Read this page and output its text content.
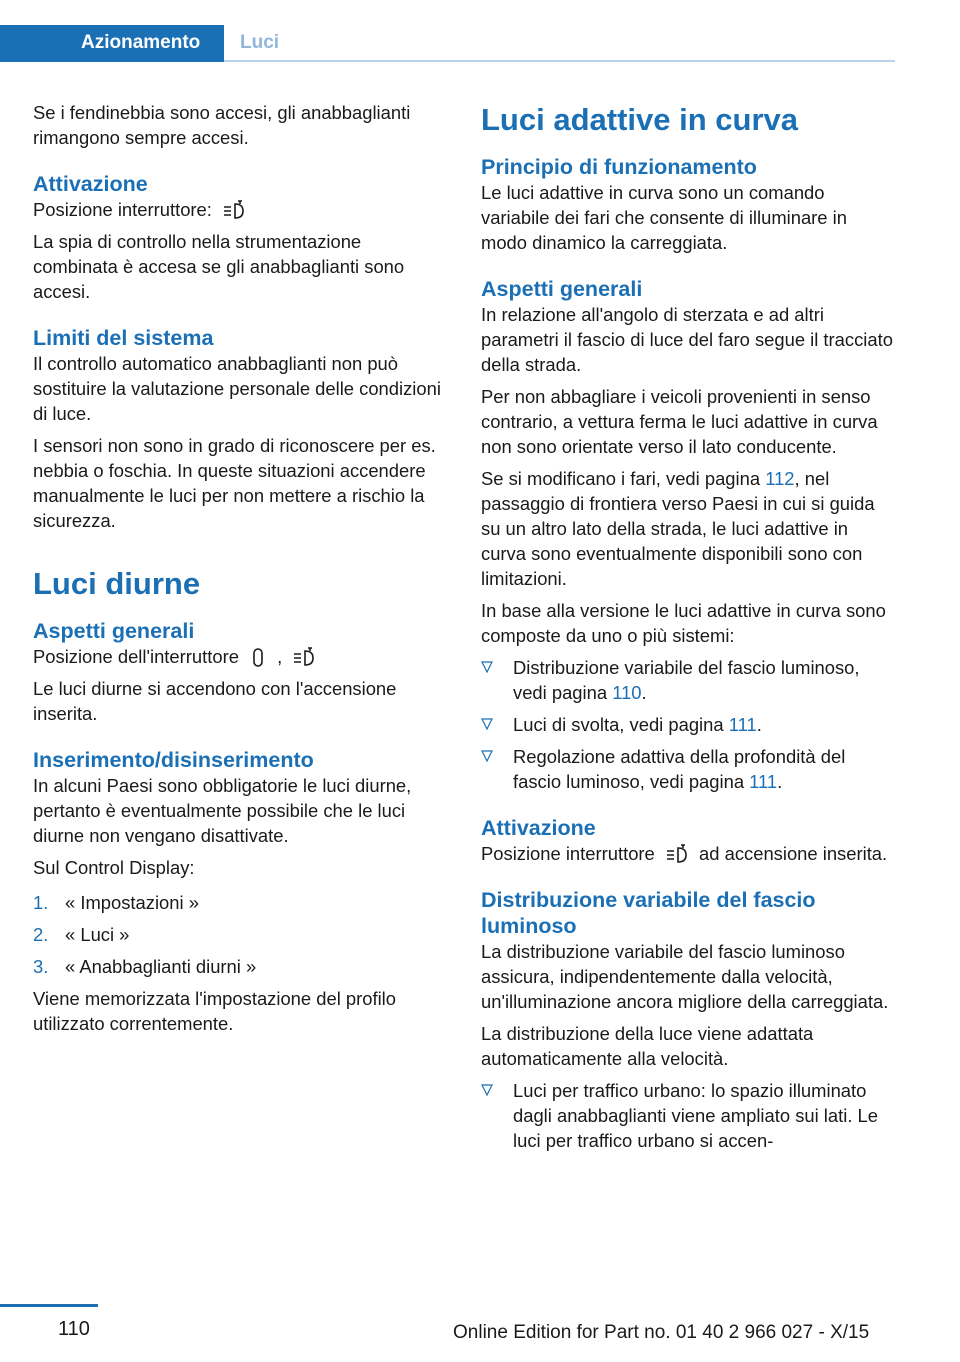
Azionamento Luci

Se i fendinebbia sono accesi, gli anabbaglianti rimangono sempre accesi.

Attivazione

Posizione interruttore:

La spia di controllo nella strumentazione combinata è accesa se gli anabbaglianti sono accesi.

Limiti del sistema

Il controllo automatico anabbaglianti non può sostituire la valutazione personale delle condizioni di luce.

I sensori non sono in grado di riconoscere per es. nebbia o foschia. In queste situazioni accendere manualmente le luci per non mettere a rischio la sicurezza.

Luci diurne
Aspetti generali

Posizione dell'interruttore ,

Le luci diurne si accendono con l'accensione inserita.

Inserimento/disinserimento

In alcuni Paesi sono obbligatorie le luci diurne, pertanto è eventualmente possibile che le luci diurne non vengano disattivate.

Sul Control Display:

1. « Impostazioni »
2. « Luci »
3. « Anabbaglianti diurni »

Viene memorizzata l'impostazione del profilo utilizzato correntemente.

Luci adattive in curva
Principio di funzionamento

Le luci adattive in curva sono un comando variabile dei fari che consente di illuminare in modo dinamico la carreggiata.

Aspetti generali

In relazione all'angolo di sterzata e ad altri parametri il fascio di luce del faro segue il tracciato della strada.

Per non abbagliare i veicoli provenienti in senso contrario, a vettura ferma le luci adattive in curva non sono orientate verso il lato conducente.

Se si modificano i fari, vedi pagina 112, nel passaggio di frontiera verso Paesi in cui si guida su un altro lato della strada, le luci adattive in curva sono eventualmente disponibili sono con limitazioni.

In base alla versione le luci adattive in curva sono composte da uno o più sistemi:

Distribuzione variabile del fascio luminoso, vedi pagina 110.
Luci di svolta, vedi pagina 111.
Regolazione adattiva della profondità del fascio luminoso, vedi pagina 111.
Attivazione

Posizione interruttore ad accensione inserita.

Distribuzione variabile del fascio luminoso

La distribuzione variabile del fascio luminoso assicura, indipendentemente dalla velocità, un'illuminazione ancora migliore della carreggiata.

La distribuzione della luce viene adattata automaticamente alla velocità.

Luci per traffico urbano: lo spazio illuminato dagli anabbaglianti viene ampliato sui lati. Le luci per traffico urbano si accen-
110	Online Edition for Part no. 01 40 2 966 027 - X/15
